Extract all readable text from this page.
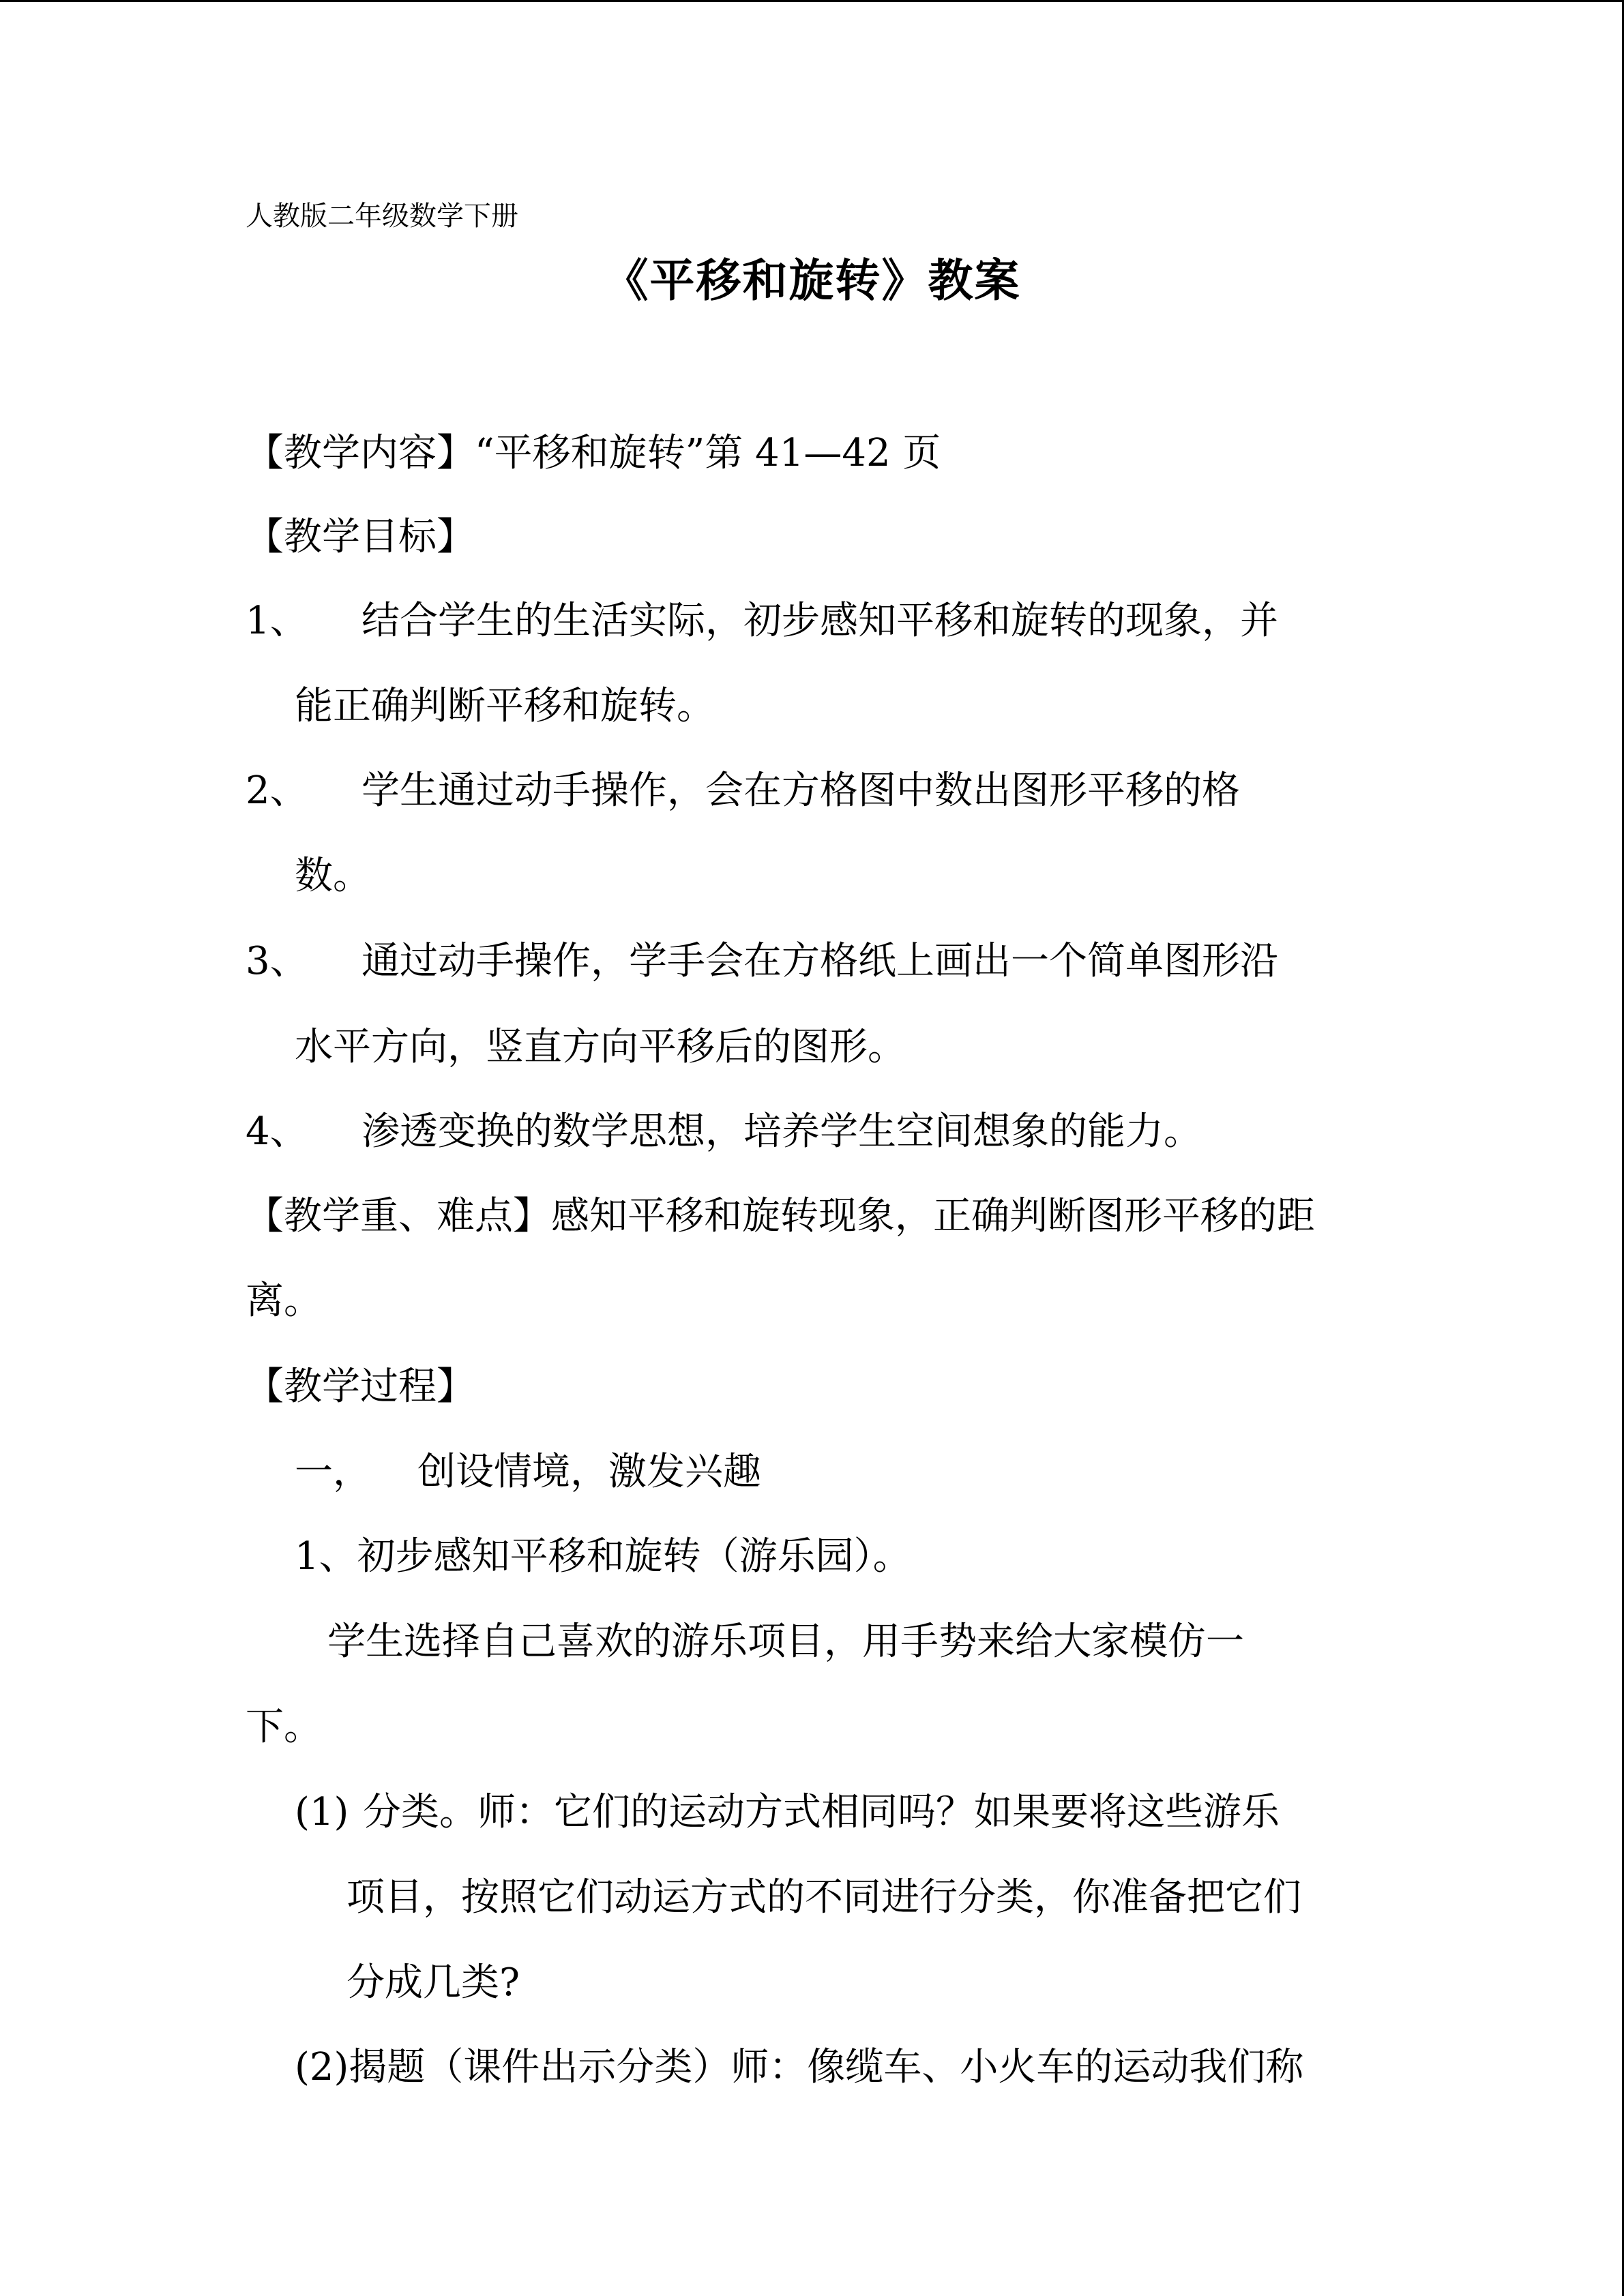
人教版二年级数学下册
《平移和旋转》教案
【教学内容】“平移和旋转”第 41—42 页
【教学目标】
1、 结合学生的生活实际，初步感知平移和旋转的现象，并
能正确判断平移和旋转。
2、 学生通过动手操作，会在方格图中数出图形平移的格
数。
3、 通过动手操作，学手会在方格纸上画出一个简单图形沿
水平方向，竖直方向平移后的图形。
4、 渗透变换的数学思想，培养学生空间想象的能力。
【教学重、难点】感知平移和旋转现象，正确判断图形平移的距
离。
【教学过程】
一， 创设情境，激发兴趣
1、初步感知平移和旋转（游乐园）。
学生选择自己喜欢的游乐项目，用手势来给大家模仿一
下。
(1) 分类。师：它们的运动方式相同吗？如果要将这些游乐
项目，按照它们动运方式的不同进行分类，你准备把它们
分成几类?
(2)揭题（课件出示分类）师：像缆车、小火车的运动我们称
